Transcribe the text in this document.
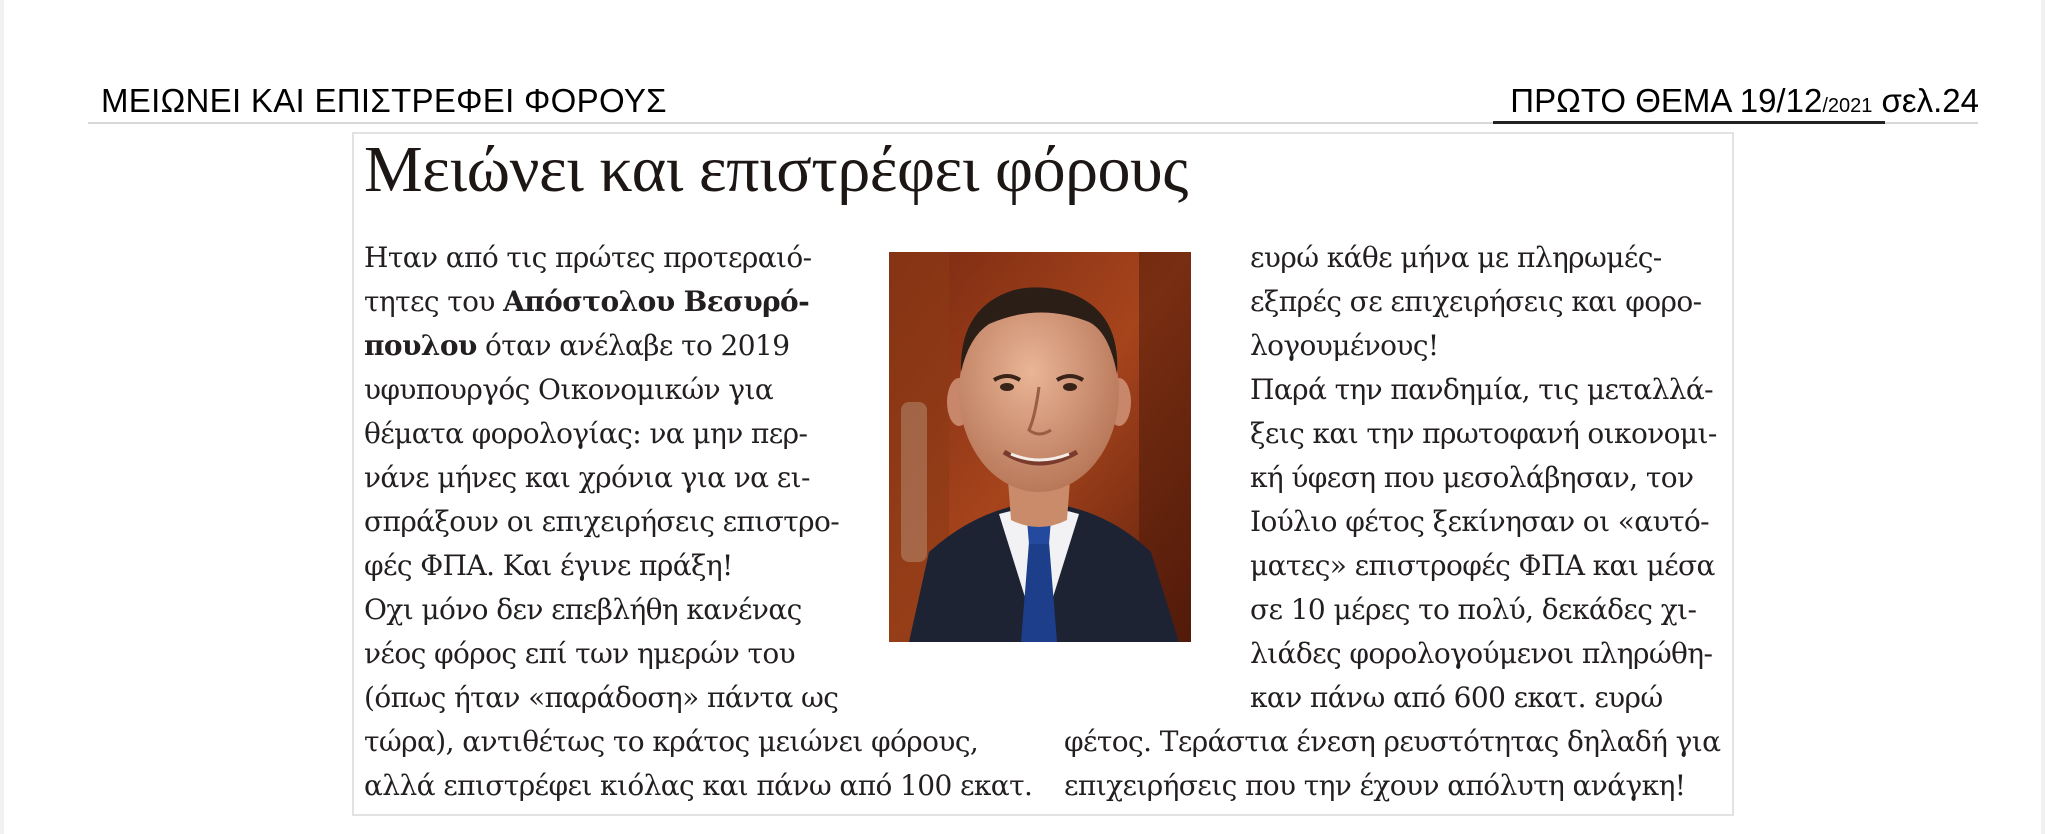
ΜΕΙΩΝΕΙ ΚΑΙ ΕΠΙΣΤΡΕΦΕΙ ΦΟΡΟΥΣ	ΠΡΩΤΟ ΘΕΜΑ 19/12/2021 σελ.24
Μειώνει και επιστρέφει φόρους
Ηταν από τις πρώτες προτεραιό-
τητες του Απόστολου Βεσυρό-
πουλου όταν ανέλαβε το 2019
υφυπουργός Οικονομικών για
θέματα φορολογίας: να μην περ-
νάνε μήνες και χρόνια για να ει-
σπράξουν οι επιχειρήσεις επιστρο-
φές ΦΠΑ. Και έγινε πράξη!
Οχι μόνο δεν επεβλήθη κανένας
νέος φόρος επί των ημερών του
(όπως ήταν «παράδοση» πάντα ως
τώρα), αντιθέτως το κράτος μειώνει φόρους,
αλλά επιστρέφει κιόλας και πάνω από 100 εκατ.
ευρώ κάθε μήνα με πληρωμές-
εξπρές σε επιχειρήσεις και φορο-
λογουμένους!
Παρά την πανδημία, τις μεταλλά-
ξεις και την πρωτοφανή οικονομι-
κή ύφεση που μεσολάβησαν, τον
Ιούλιο φέτος ξεκίνησαν οι «αυτό-
ματες» επιστροφές ΦΠΑ και μέσα
σε 10 μέρες το πολύ, δεκάδες χι-
λιάδες φορολογούμενοι πληρώθη-
καν πάνω από 600 εκατ. ευρώ
φέτος. Τεράστια ένεση ρευστότητας δηλαδή για
επιχειρήσεις που την έχουν απόλυτη ανάγκη!
